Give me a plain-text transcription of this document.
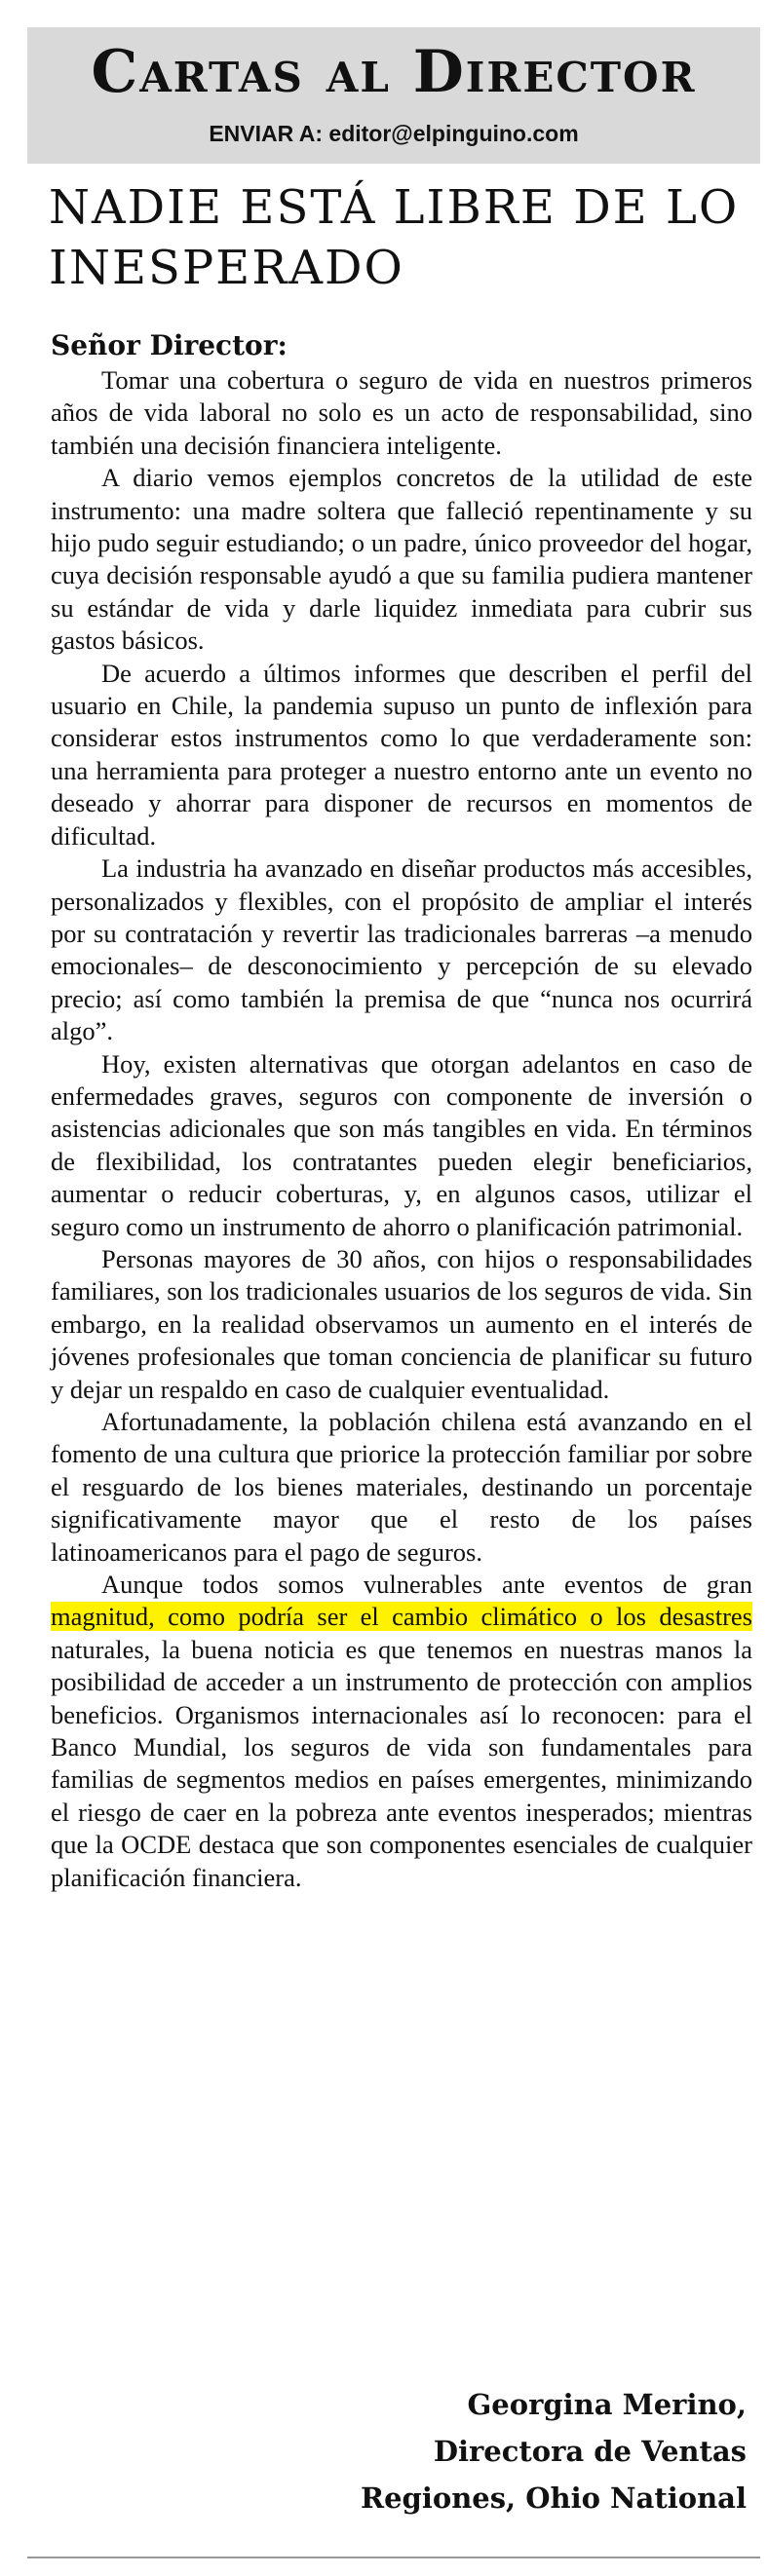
Cartas al Director
ENVIAR A: editor@elpinguino.com
NADIE ESTÁ LIBRE DE LO INESPERADO
Señor Director:

Tomar una cobertura o seguro de vida en nuestros primeros años de vida laboral no solo es un acto de responsabilidad, sino también una decisión financiera inteligente.

A diario vemos ejemplos concretos de la utilidad de este instrumento: una madre soltera que falleció repentinamente y su hijo pudo seguir estudiando; o un padre, único proveedor del hogar, cuya decisión responsable ayudó a que su familia pudiera mantener su estándar de vida y darle liquidez inmediata para cubrir sus gastos básicos.

De acuerdo a últimos informes que describen el perfil del usuario en Chile, la pandemia supuso un punto de inflexión para considerar estos instrumentos como lo que verdaderamente son: una herramienta para proteger a nuestro entorno ante un evento no deseado y ahorrar para disponer de recursos en momentos de dificultad.

La industria ha avanzado en diseñar productos más accesibles, personalizados y flexibles, con el propósito de ampliar el interés por su contratación y revertir las tradicionales barreras –a menudo emocionales– de desconocimiento y percepción de su elevado precio; así como también la premisa de que “nunca nos ocurrirá algo”.

Hoy, existen alternativas que otorgan adelantos en caso de enfermedades graves, seguros con componente de inversión o asistencias adicionales que son más tangibles en vida. En términos de flexibilidad, los contratantes pueden elegir beneficiarios, aumentar o reducir coberturas, y, en algunos casos, utilizar el seguro como un instrumento de ahorro o planificación patrimonial.

Personas mayores de 30 años, con hijos o responsabilidades familiares, son los tradicionales usuarios de los seguros de vida. Sin embargo, en la realidad observamos un aumento en el interés de jóvenes profesionales que toman conciencia de planificar su futuro y dejar un respaldo en caso de cualquier eventualidad.

Afortunadamente, la población chilena está avanzando en el fomento de una cultura que priorice la protección familiar por sobre el resguardo de los bienes materiales, destinando un porcentaje significativamente mayor que el resto de los países latinoamericanos para el pago de seguros.

Aunque todos somos vulnerables ante eventos de gran magnitud, como podría ser el cambio climático o los desastres naturales, la buena noticia es que tenemos en nuestras manos la posibilidad de acceder a un instrumento de protección con amplios beneficios. Organismos internacionales así lo reconocen: para el Banco Mundial, los seguros de vida son fundamentales para familias de segmentos medios en países emergentes, minimizando el riesgo de caer en la pobreza ante eventos inesperados; mientras que la OCDE destaca que son componentes esenciales de cualquier planificación financiera.

Georgina Merino,
Directora de Ventas
Regiones, Ohio National
